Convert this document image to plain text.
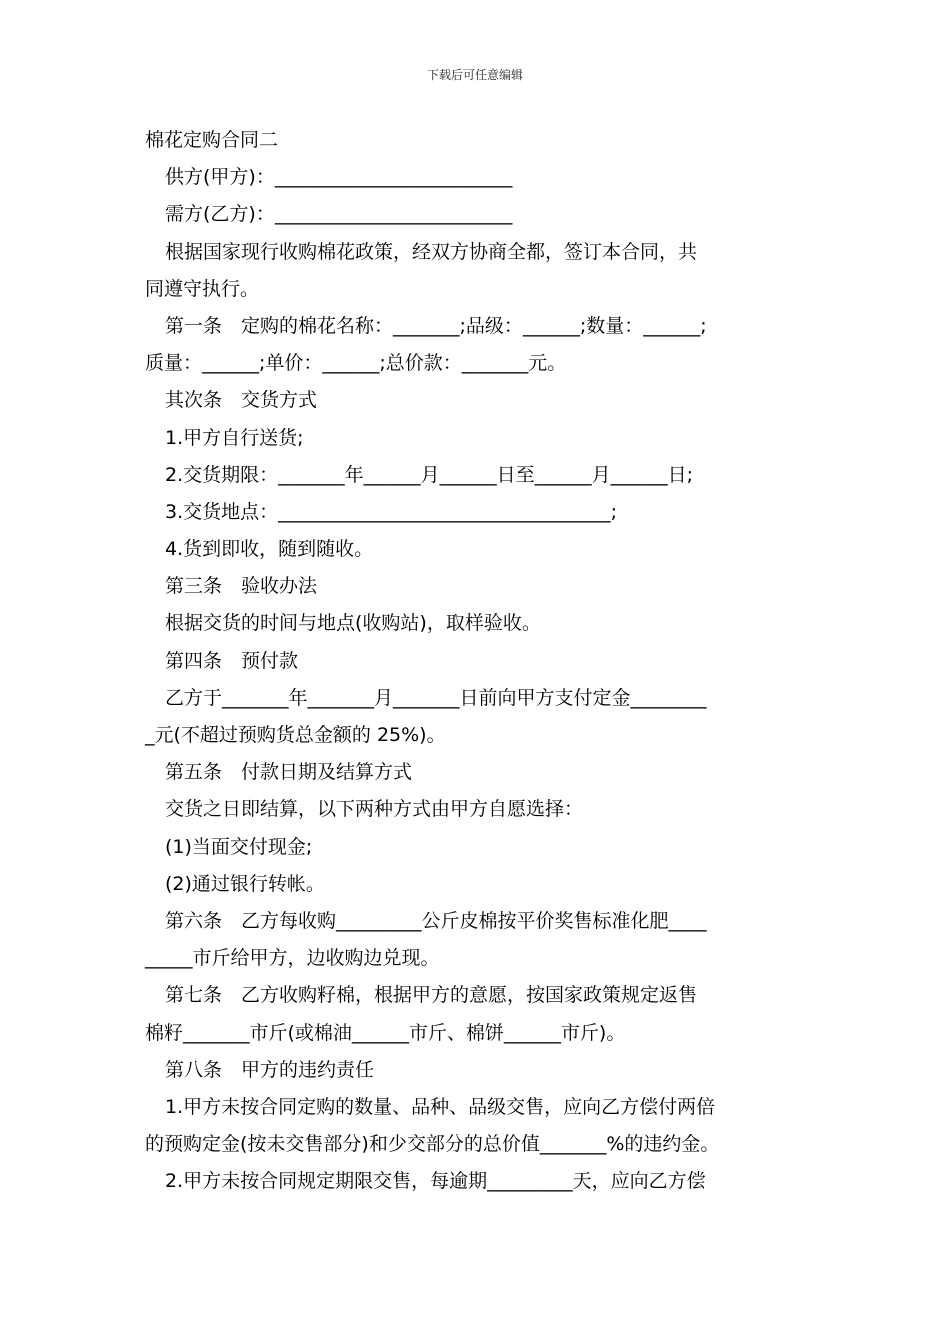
下载后可任意编辑
棉花定购合同二
供方(甲方)：_________________________
需方(乙方)：_________________________
根据国家现行收购棉花政策，经双方协商全都，签订本合同，共
同遵守执行。
第一条　定购的棉花名称：_______;品级：______;数量：______;
质量：______;单价：______;总价款：_______元。
其次条　交货方式
1.甲方自行送货;
2.交货期限：_______年______月______日至______月______日;
3.交货地点：___________________________________;
4.货到即收，随到随收。
第三条　验收办法
根据交货的时间与地点(收购站)，取样验收。
第四条　预付款
乙方于_______年_______月_______日前向甲方支付定金________
_元(不超过预购货总金额的 25%)。
第五条　付款日期及结算方式
交货之日即结算，以下两种方式由甲方自愿选择：
(1)当面交付现金;
(2)通过银行转帐。
第六条　乙方每收购_________公斤皮棉按平价奖售标准化肥____
_____市斤给甲方，边收购边兑现。
第七条　乙方收购籽棉，根据甲方的意愿，按国家政策规定返售
棉籽_______市斤(或棉油______市斤、棉饼______市斤)。
第八条　甲方的违约责任
1.甲方未按合同定购的数量、品种、品级交售，应向乙方偿付两倍
的预购定金(按未交售部分)和少交部分的总价值_______%的违约金。
2.甲方未按合同规定期限交售，每逾期_________天，应向乙方偿
